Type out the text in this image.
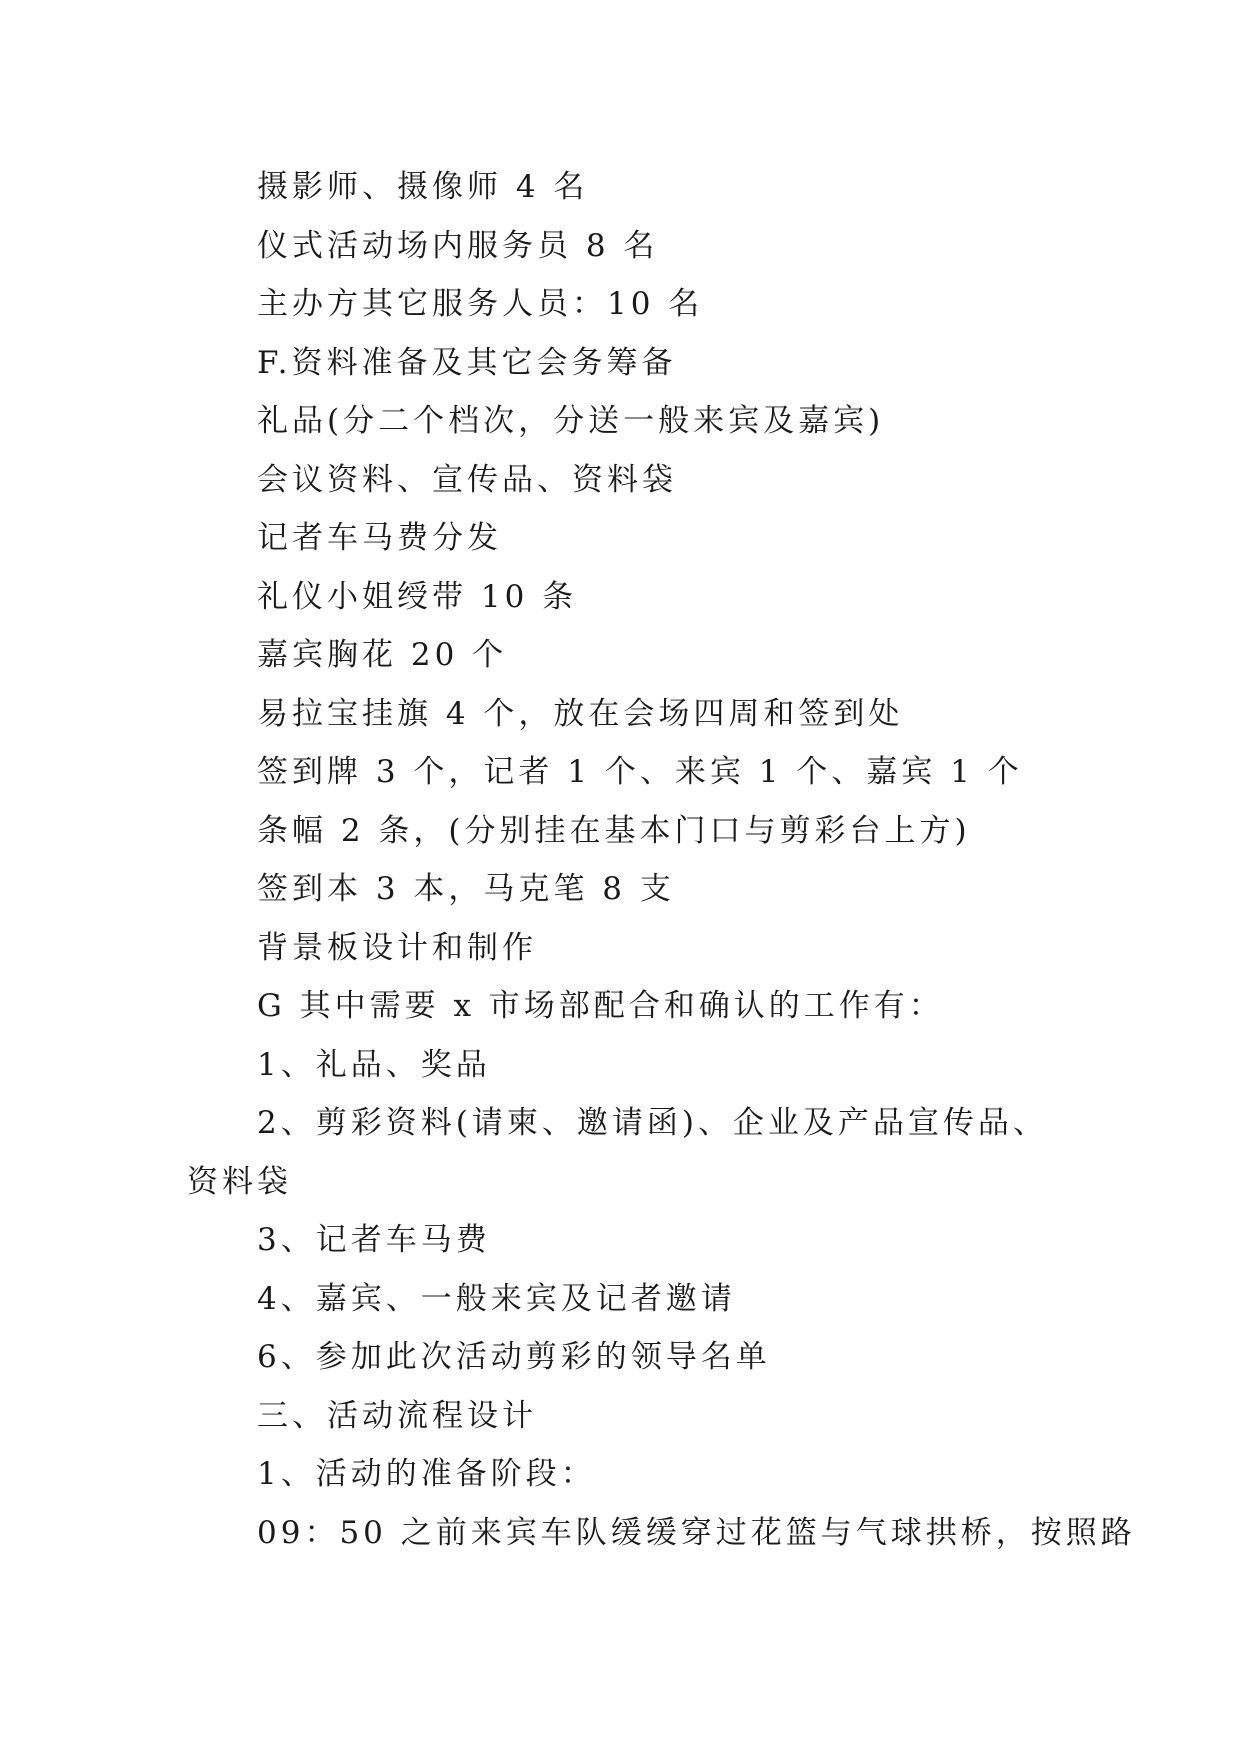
摄影师、摄像师 4 名

仪式活动场内服务员 8 名

主办方其它服务人员：10 名

F.资料准备及其它会务筹备

礼品(分二个档次，分送一般来宾及嘉宾)

会议资料、宣传品、资料袋

记者车马费分发

礼仪小姐绶带 10 条

嘉宾胸花 20 个

易拉宝挂旗 4 个，放在会场四周和签到处

签到牌 3 个，记者 1 个、来宾 1 个、嘉宾 1 个

条幅 2 条，(分别挂在基本门口与剪彩台上方)

签到本 3 本，马克笔 8 支

背景板设计和制作

G 其中需要 x 市场部配合和确认的工作有：

1、礼品、奖品

2、剪彩资料(请柬、邀请函)、企业及产品宣传品、资料袋

3、记者车马费

4、嘉宾、一般来宾及记者邀请

6、参加此次活动剪彩的领导名单

三、活动流程设计

1、活动的准备阶段：

09：50 之前来宾车队缓缓穿过花篮与气球拱桥，按照路
